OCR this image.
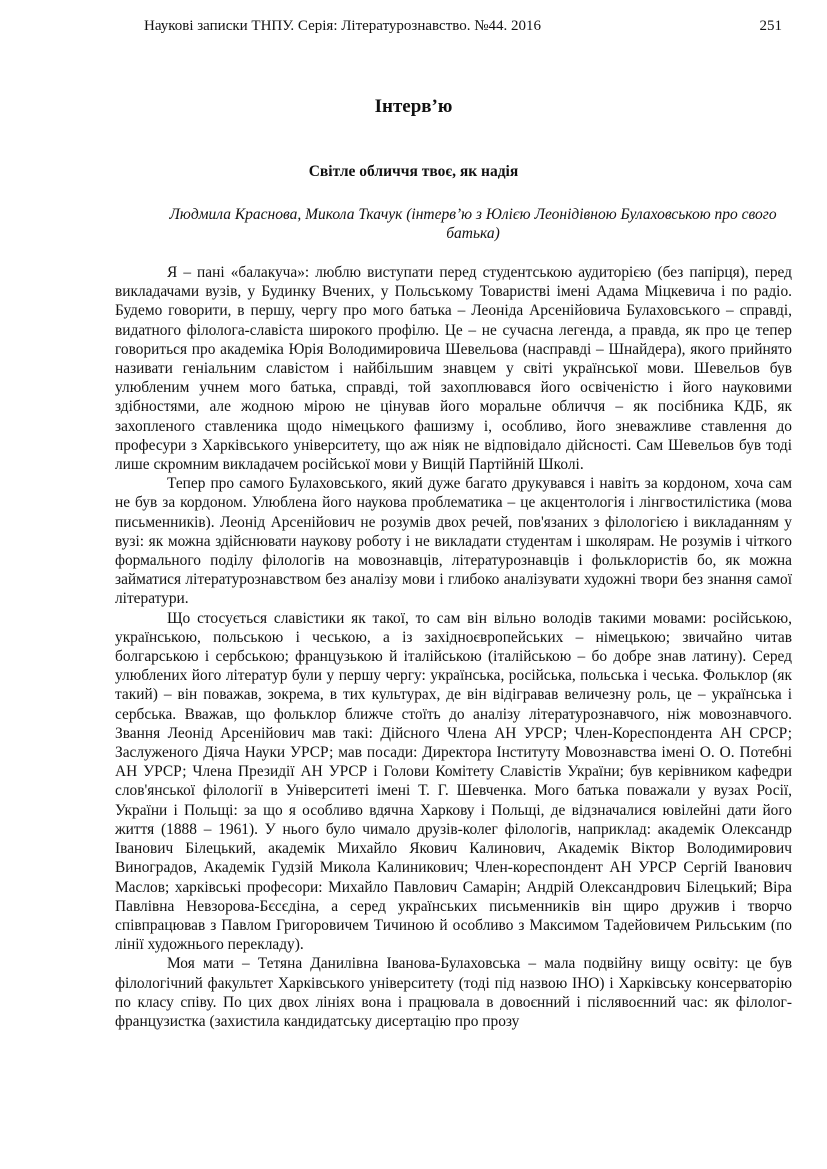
Наукові записки ТНПУ. Серія: Літературознавство. №44. 2016	251
Інтерв’ю
Світле обличчя твоє, як надія

Людмила Краснова, Микола Ткачук (інтерв’ю з Юлією Леонідівною Булаховською про свого батька)

Я – пані «балакуча»: люблю виступати перед студентською аудиторією (без папірця), перед викладачами вузів, у Будинку Вчених, у Польському Товаристві імені Адама Міцкевича і по радіо. Будемо говорити, в першу, чергу про мого батька – Леоніда Арсенійовича Булаховського – справді, видатного філолога-славіста широкого профілю. Це – не сучасна легенда, а правда, як про це тепер говориться про академіка Юрія Володимировича Шевельова (насправді – Шнайдера), якого прийнято називати геніальним славістом і найбільшим знавцем у світі української мови. Шевельов був улюбленим учнем мого батька, справді, той захоплювався його освіченістю і його науковими здібностями, але жодною мірою не цінував його моральне обличчя – як посібника КДБ, як захопленого ставленика щодо німецького фашизму і, особливо, його зневажливе ставлення до професури з Харківського університету, що аж ніяк не відповідало дійсності. Сам Шевельов був тоді лише скромним викладачем російської мови у Вищій Партійній Школі.

Тепер про самого Булаховського, який дуже багато друкувався і навіть за кордоном, хоча сам не був за кордоном. Улюблена його наукова проблематика – це акцентологія і лінгвостилістика (мова письменників). Леонід Арсенійович не розумів двох речей, пов'язаних з філологією і викладанням у вузі: як можна здійснювати наукову роботу і не викладати студентам і школярам. Не розумів і чіткого формального поділу філологів на мовознавців, літературознавців і фольклористів бо, як можна займатися літературознавством без аналізу мови і глибоко аналізувати художні твори без знання самої літератури.

Що стосується славістики як такої, то сам він вільно володів такими мовами: російською, українською, польською і чеською, а із західноєвропейських – німецькою; звичайно читав болгарською і сербською; французькою й італійською (італійською – бо добре знав латину). Серед улюблених його літератур були у першу чергу: українська, російська, польська і чеська. Фольклор (як такий) – він поважав, зокрема, в тих культурах, де він відігравав величезну роль, це – українська і сербська. Вважав, що фольклор ближче стоїть до аналізу літературознавчого, ніж мовознавчого. Звання Леонід Арсенійович мав такі: Дійсного Члена АН УРСР; Член-Кореспондента АН СРСР; Заслуженого Діяча Науки УРСР; мав посади: Директора Інституту Мовознавства імені О. О. Потебні АН УРСР; Члена Президії АН УРСР і Голови Комітету Славістів України; був керівником кафедри слов'янської філології в Університеті імені Т. Г. Шевченка. Мого батька поважали у вузах Росії, України і Польщі: за що я особливо вдячна Харкову і Польщі, де відзначалися ювілейні дати його життя (1888 – 1961). У нього було чимало друзів-колег філологів, наприклад: академік Олександр Іванович Білецький, академік Михайло Якович Калинович, Академік Віктор Володимирович Виноградов, Академік Гудзій Микола Калиникович; Член-кореспондент АН УРСР Сергій Іванович Маслов; харківські професори: Михайло Павлович Самарін; Андрій Олександрович Білецький; Віра Павлівна Невзорова-Бєсєдіна, а серед українських письменників він щиро дружив і творчо співпрацював з Павлом Григоровичем Тичиною й особливо з Максимом Тадейовичем Рильським (по лінії художнього перекладу).

Моя мати – Тетяна Данилівна Іванова-Булаховська – мала подвійну вищу освіту: це був філологічний факультет Харківського університету (тоді під назвою ІНО) і Харківську консерваторію по класу співу. По цих двох лініях вона і працювала в довоєнний і післявоєнний час: як філолог-французистка (захистила кандидатську дисертацію про прозу
